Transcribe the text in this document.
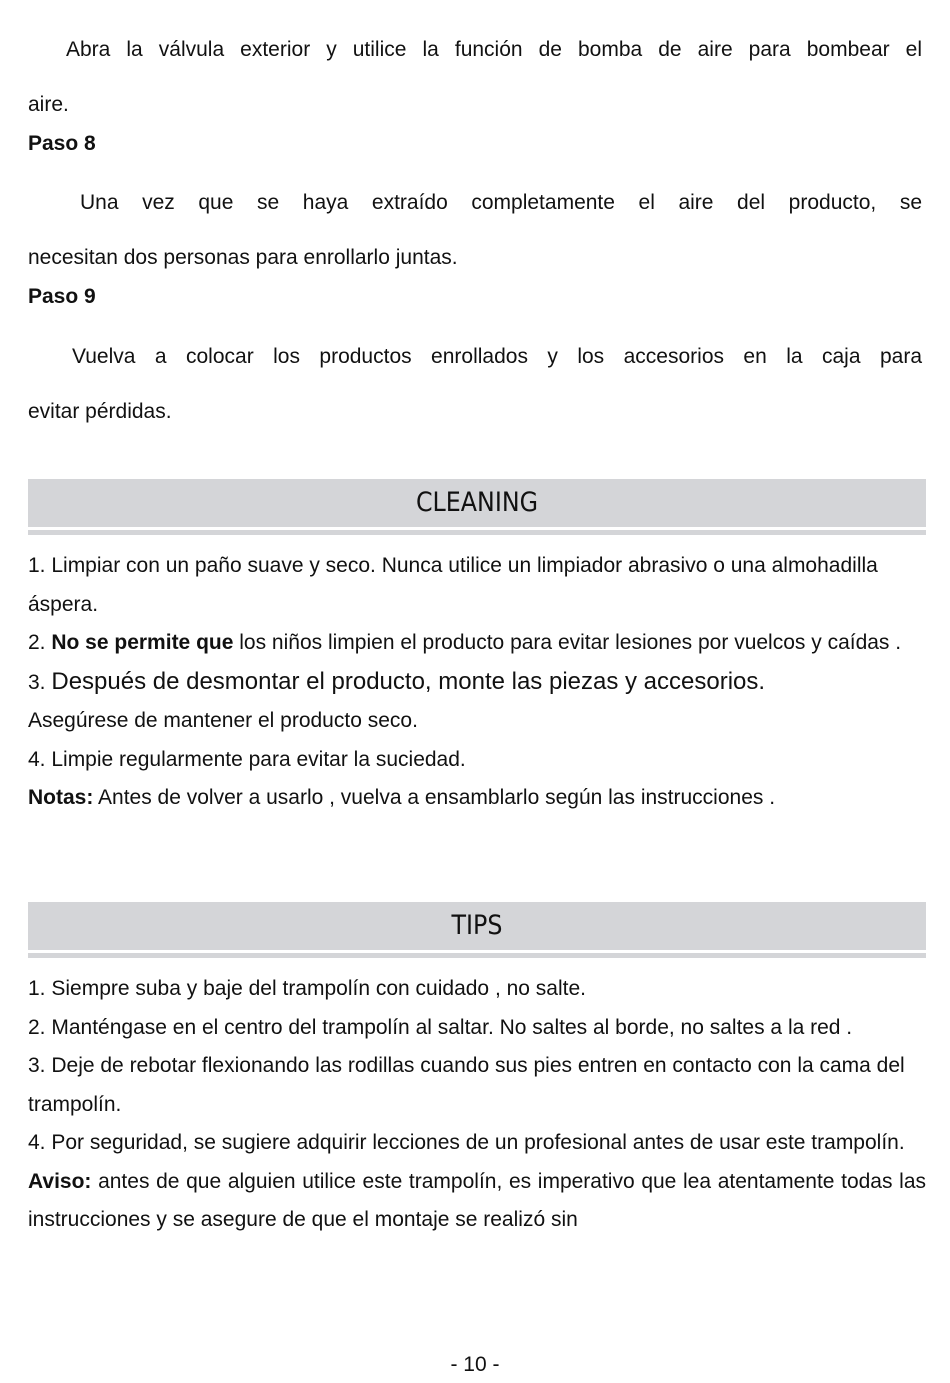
Abra la válvula exterior y utilice la función de bomba de aire para bombear el
aire.

Paso 8

Una vez que se haya extraído completamente el aire del producto, se
necesitan dos personas para enrollarlo juntas.

Paso 9

Vuelva a colocar los productos enrollados y los accesorios en la caja para
evitar pérdidas.

CLEANING

1. Limpiar con un paño suave y seco. Nunca utilice un limpiador abrasivo o una almohadilla áspera.

2. No se permite que los niños limpien el producto para evitar lesiones por vuelcos y caídas .

3. Después de desmontar el producto, monte las piezas y accesorios.
Asegúrese de mantener el producto seco.

4. Limpie regularmente para evitar la suciedad.

Notas: Antes de volver a usarlo , vuelva a ensamblarlo según las instrucciones .

TIPS

1. Siempre suba y baje del trampolín con cuidado , no salte.

2. Manténgase en el centro del trampolín al saltar. No saltes al borde, no saltes a la red .

3. Deje de rebotar flexionando las rodillas cuando sus pies entren en contacto con la cama del trampolín.

4. Por seguridad, se sugiere adquirir lecciones de un profesional antes de usar este trampolín.

Aviso: antes de que alguien utilice este trampolín, es imperativo que lea atentamente todas las instrucciones y se asegure de que el montaje se realizó sin

- 10 -
